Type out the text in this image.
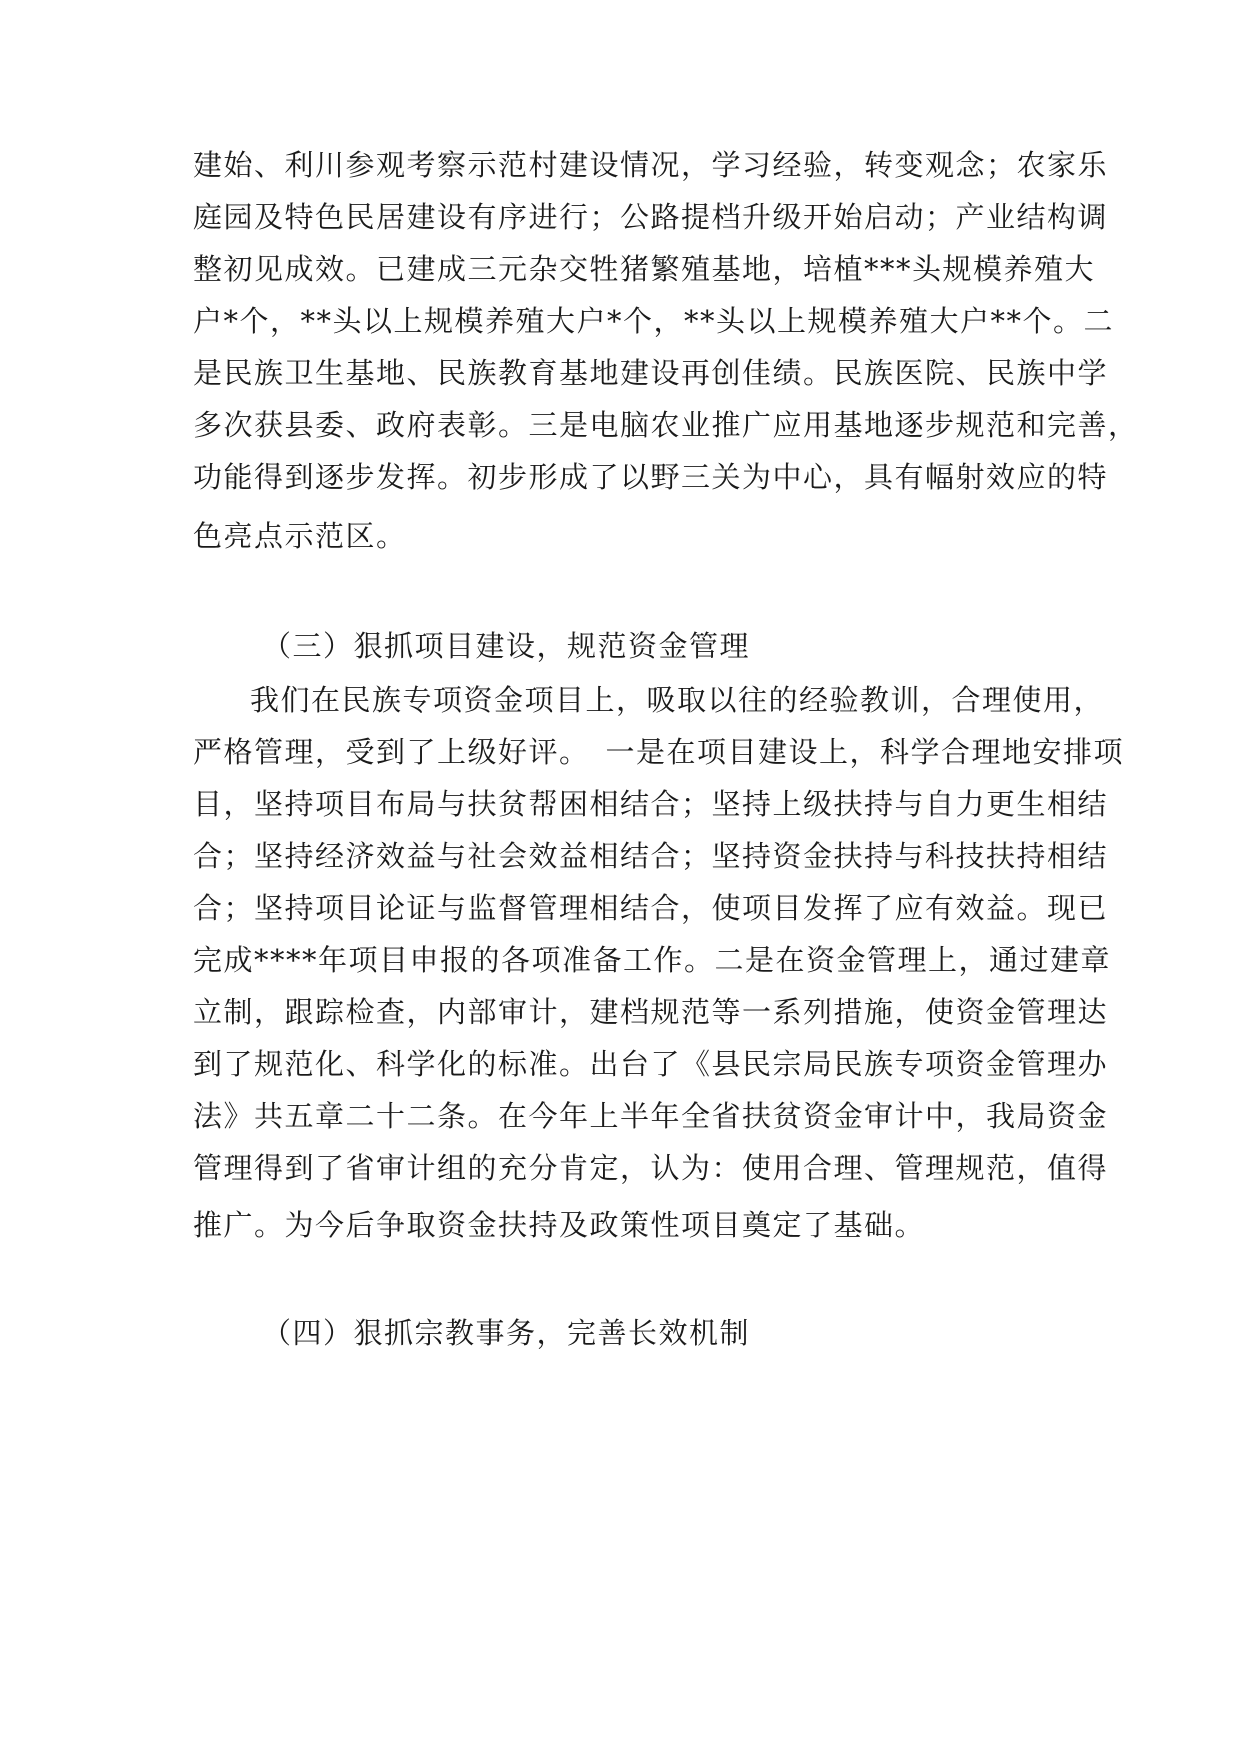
建始、利川参观考察示范村建设情况，学习经验，转变观念；农家乐
庭园及特色民居建设有序进行；公路提档升级开始启动；产业结构调
整初见成效。已建成三元杂交牲猪繁殖基地，培植***头规模养殖大
户*个，**头以上规模养殖大户*个，**头以上规模养殖大户**个。二
是民族卫生基地、民族教育基地建设再创佳绩。民族医院、民族中学
多次获县委、政府表彰。三是电脑农业推广应用基地逐步规范和完善，
功能得到逐步发挥。初步形成了以野三关为中心，具有幅射效应的特
色亮点示范区。
（三）狠抓项目建设，规范资金管理
我们在民族专项资金项目上，吸取以往的经验教训，合理使用，
严格管理，受到了上级好评。　一是在项目建设上，科学合理地安排项
目，坚持项目布局与扶贫帮困相结合；坚持上级扶持与自力更生相结
合；坚持经济效益与社会效益相结合；坚持资金扶持与科技扶持相结
合；坚持项目论证与监督管理相结合，使项目发挥了应有效益。现已
完成****年项目申报的各项准备工作。二是在资金管理上，通过建章
立制，跟踪检查，内部审计，建档规范等一系列措施，使资金管理达
到了规范化、科学化的标准。出台了《县民宗局民族专项资金管理办
法》共五章二十二条。在今年上半年全省扶贫资金审计中，我局资金
管理得到了省审计组的充分肯定，认为：使用合理、管理规范，值得
推广。为今后争取资金扶持及政策性项目奠定了基础。
（四）狠抓宗教事务，完善长效机制
